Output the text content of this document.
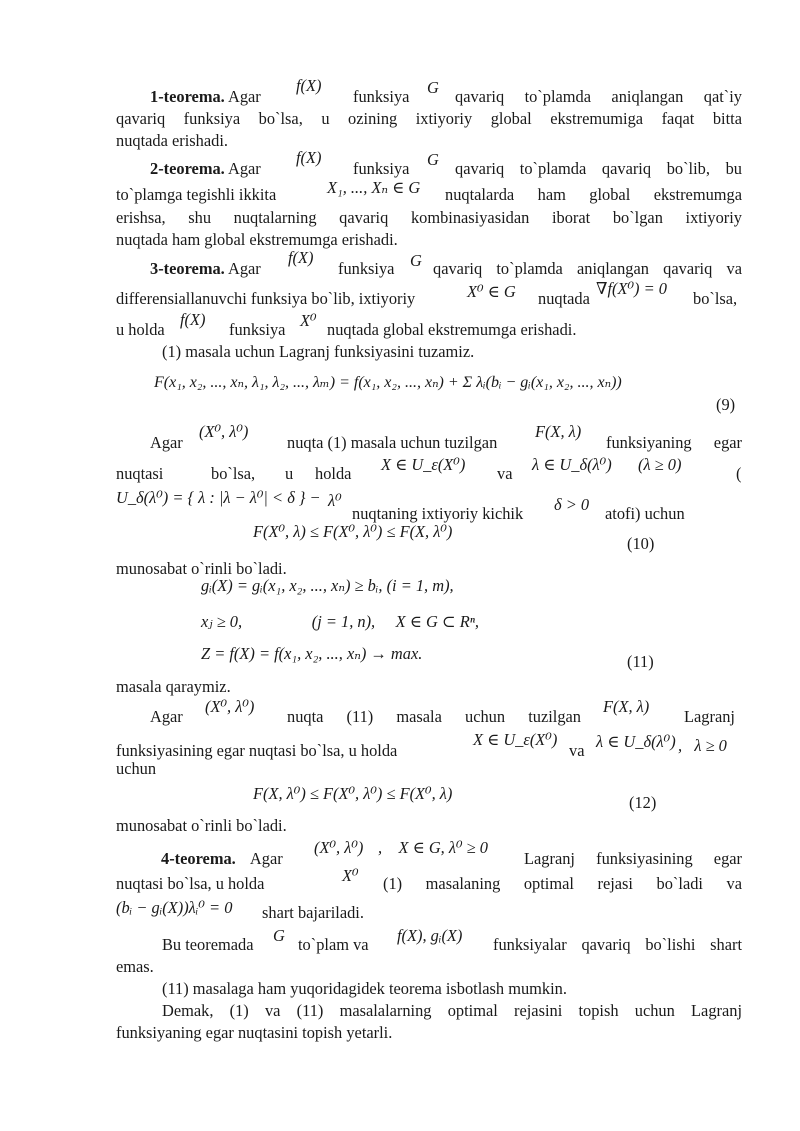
1-teorema. Agar
f(X)
funksiya G qavariq to`plamda aniqlangan qat`iy
qavariq funksiya bo`lsa, u ozining ixtiyoriy global ekstremumiga faqat bitta
nuqtada erishadi.
2-teorema. Agar
f(X)
funksiya G qavariq to`plamda qavariq bo`lib, bu
to`plamga tegishli ikkita	X₁, ..., Xₙ ∈ G nuqtalarda ham global ekstremumga
erishsa, shu nuqtalarning qavariq kombinasiyasidan iborat bo`lgan ixtiyoriy
nuqtada ham global ekstremumga erishadi.
3-teorema. Agar
f(X)
funksiya G qavariq to`plamda aniqlangan qavariq va
differensiallanuvchi funksiya bo`lib, ixtiyoriy	X⁰ ∈ G nuqtada
∇f(X⁰) = 0
bo`lsa,
u holda
f(X)
funksiya X⁰ nuqtada global ekstremumga erishadi.
(1) masala uchun Lagranj funksiyasini tuzamiz.
F(x₁, x₂, ..., xₙ, λ₁, λ₂, ..., λₘ) = f(x₁, x₂, ..., xₙ) + Σ λᵢ(bᵢ − gᵢ(x₁, x₂, ..., xₙ))
(9)
Agar
(X⁰, λ⁰)
nuqta (1) masala uchun tuzilgan
F(X, λ)
funksiyaning egar
nuqtasi	bo`lsa, u holda X ∈ U_ε(X⁰) va λ ∈ U_δ(λ⁰) (λ ≥ 0)	(
U_δ(λ⁰) = { λ : |λ − λ⁰| < δ } − λ⁰
nuqtaning ixtiyoriy kichik δ > 0 atofi) uchun
F(X⁰, λ) ≤ F(X⁰, λ⁰) ≤ F(X, λ⁰)
(10)
munosabat o`rinli bo`ladi.
gᵢ(X) = gᵢ(x₁, x₂, ..., xₙ) ≥ bᵢ, (i = 1, m),
xⱼ ≥ 0,                 (j = 1, n),     X ∈ G ⊂ Rⁿ,
Z = f(X) = f(x₁, x₂, ..., xₙ) → max.	(11)
masala qaraymiz.
Agar
(X⁰, λ⁰)
nuqta (11) masala uchun tuzilgan
F(X, λ)
Lagranj
funksiyasining egar nuqtasi bo`lsa, u holda
X ∈ U_ε(X⁰)
va λ ∈ U_δ(λ⁰) ,   λ ≥ 0
uchun
F(X, λ⁰) ≤ F(X⁰, λ⁰) ≤ F(X⁰, λ)	(12)
munosabat o`rinli bo`ladi.
4-teorema. Agar
(X⁰, λ⁰) ,    X ∈ G, λ⁰ ≥ 0
Lagranj funksiyasining egar
nuqtasi bo`lsa, u holda	X⁰ (1) masalaning optimal rejasi bo`ladi va
(bᵢ − gᵢ(X))λᵢ⁰ = 0 shart bajariladi.
Bu teoremada G to`plam va f(X), gᵢ(X) funksiyalar qavariq bo`lishi shart
emas.
(11) masalaga ham yuqoridagidek teorema isbotlash mumkin.
Demak, (1) va (11) masalalarning optimal rejasini topish uchun Lagranj
funksiyaning egar nuqtasini topish yetarli.
